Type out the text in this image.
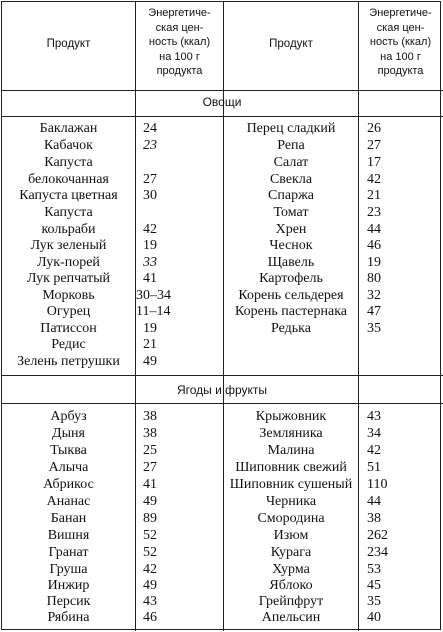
Продукт
Энергетиче-
ская цен-
ность (ккал)
на 100 г
продукта
Продукт
Энергетиче-
ская цен-
ность (ккал)
на 100 г
продукта
Овощи
Ягоды и фрукты
Баклажан
Кабачок
Капуста
белокочанная
Капуста цветная
Капуста
кольраби
Лук зеленый
Лук-порей
Лук репчатый
Морковь
Огурец
Патиссон
Редис
Зелень петрушки
24
23
27
30
42
19
33
41
30–34
11–14
19
21
49
Перец сладкий
Репа
Салат
Свекла
Спаржа
Томат
Хрен
Чеснок
Щавель
Картофель
Корень сельдерея
Корень пастернака
Редька
26
27
17
42
21
23
44
46
19
80
32
47
35
Арбуз
Дыня
Тыква
Алыча
Абрикос
Ананас
Банан
Вишня
Гранат
Груша
Инжир
Персик
Рябина
38
38
25
27
41
49
89
52
52
42
49
43
46
Крыжовник
Земляника
Малина
Шиповник свежий
Шиповник сушеный
Черника
Смородина
Изюм
Курага
Хурма
Яблоко
Грейпфрут
Апельсин
43
34
42
51
110
44
38
262
234
53
45
35
40
